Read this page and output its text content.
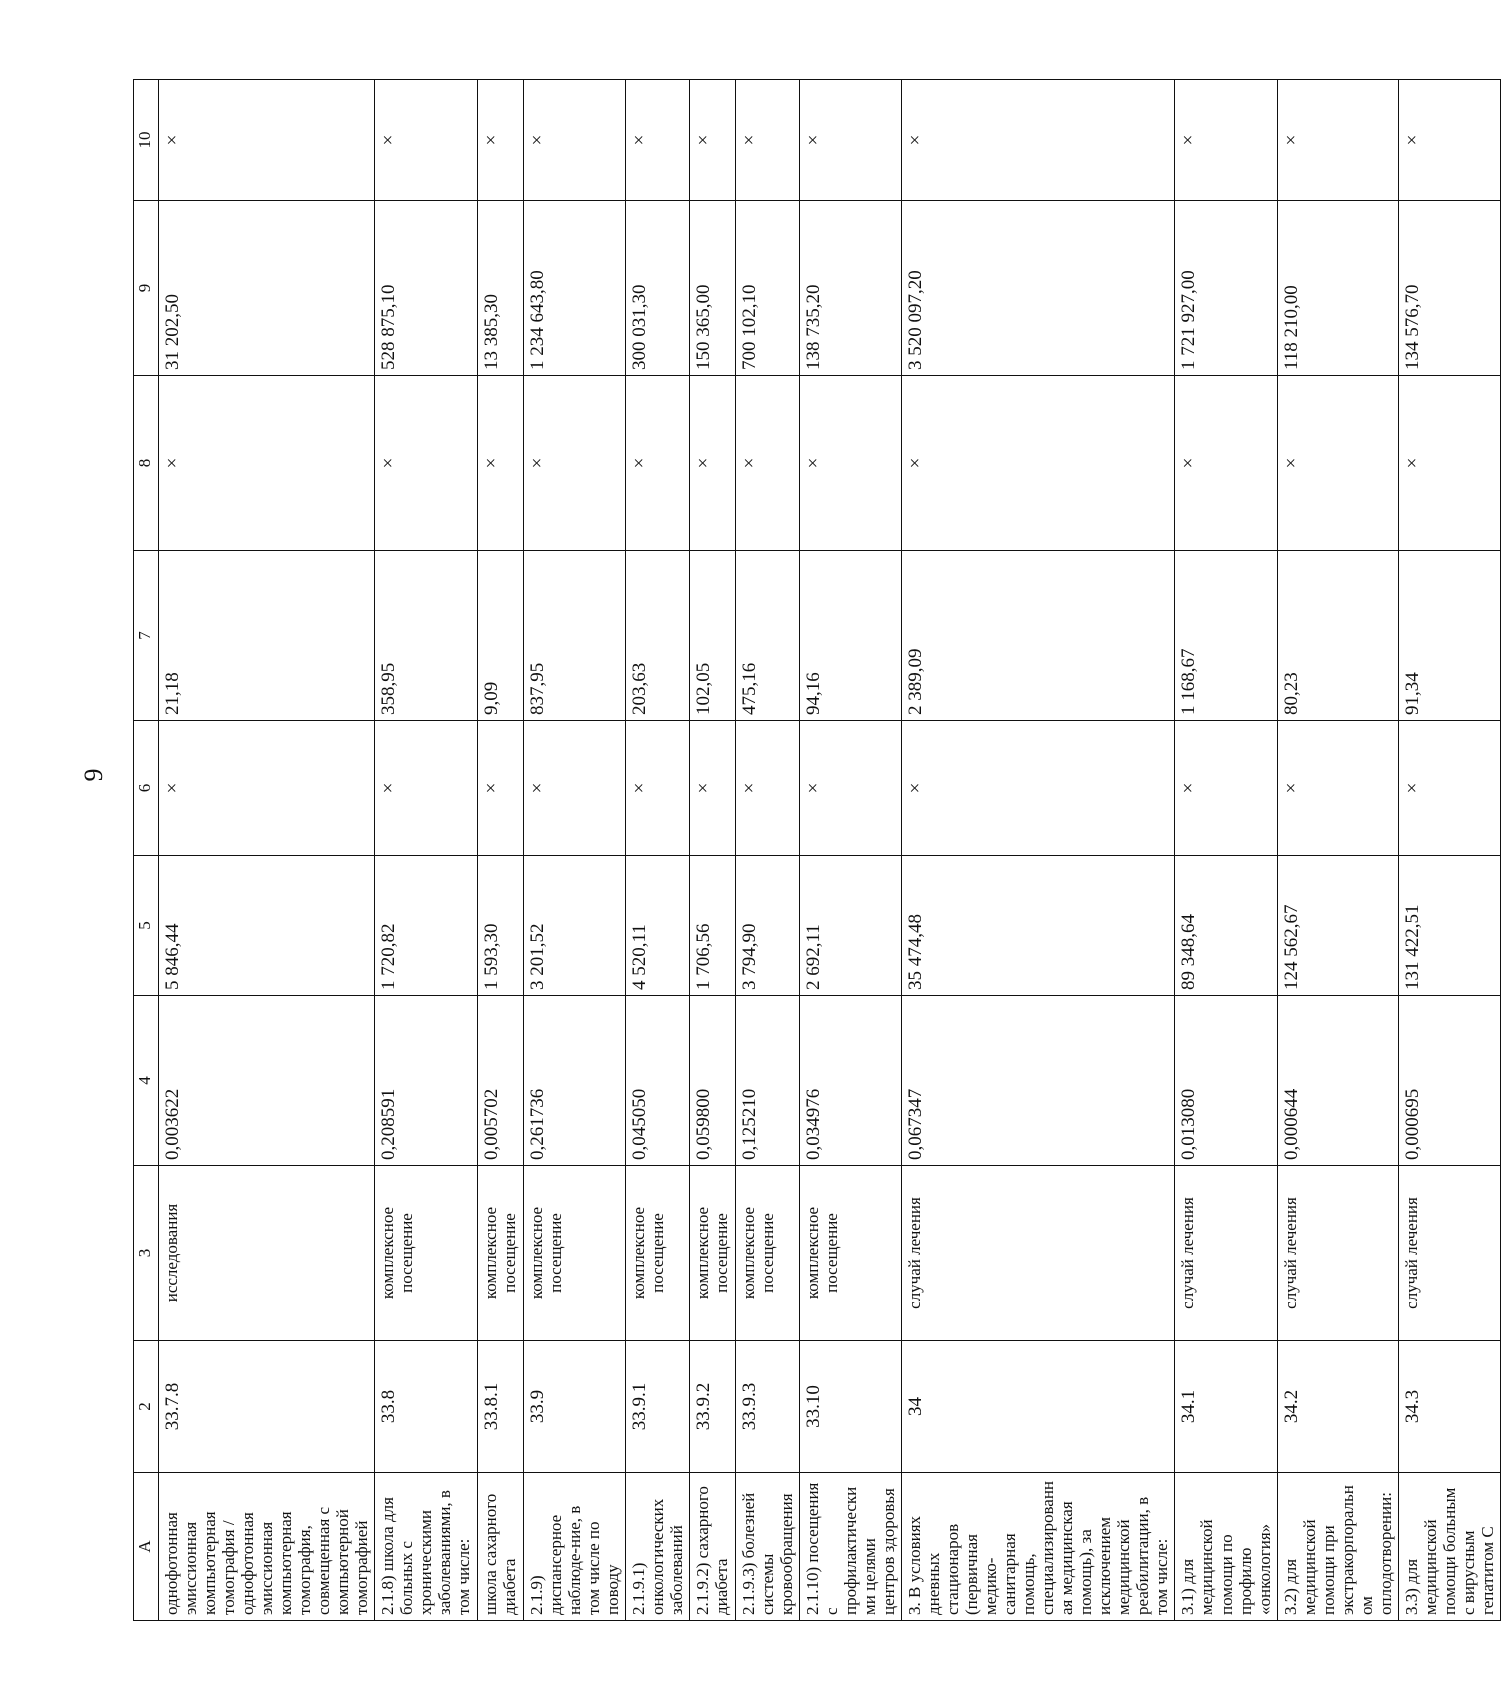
9
A	2	3	4	5	6	7	8	9	10
однофотонная эмиссионная компьютерная томография / однофотонная эмиссионная компьютерная томография, совмещенная с компьютерной томографией	33.7.8	исследования	0,003622	5 846,44	×	21,18	×	31 202,50	×
2.1.8) школа для больных с хроническими заболеваниями, в том числе:	33.8	комплексное посещение	0,208591	1 720,82	×	358,95	×	528 875,10	×
школа сахарного диабета	33.8.1	комплексное посещение	0,005702	1 593,30	×	9,09	×	13 385,30	×
2.1.9) диспансерное наблюде-ние, в том числе по поводу	33.9	комплексное посещение	0,261736	3 201,52	×	837,95	×	1 234 643,80	×
2.1.9.1) онкологических заболеваний	33.9.1	комплексное посещение	0,045050	4 520,11	×	203,63	×	300 031,30	×
2.1.9.2) сахарного диабета	33.9.2	комплексное посещение	0,059800	1 706,56	×	102,05	×	150 365,00	×
2.1.9.3) болезней системы кровообращения	33.9.3	комплексное посещение	0,125210	3 794,90	×	475,16	×	700 102,10	×
2.1.10) посещения с профилактическими целями центров здоровья	33.10	комплексное посещение	0,034976	2 692,11	×	94,16	×	138 735,20	×
3. В условиях дневных стационаров (первичная медико-санитарная помощь, специализированная медицинская помощь), за исключением медицинской реабилитации, в том числе:	34	случай лечения	0,067347	35 474,48	×	2 389,09	×	3 520 097,20	×
3.1) для медицинской помощи по профилю «онкология»	34.1	случай лечения	0,013080	89 348,64	×	1 168,67	×	1 721 927,00	×
3.2) для медицинской помощи при экстракорпоральном оплодотворении:	34.2	случай лечения	0,000644	124 562,67	×	80,23	×	118 210,00	×
3.3) для медицинской помощи больным с вирусным гепатитом С	34.3	случай лечения	0,000695	131 422,51	×	91,34	×	134 576,70	×
